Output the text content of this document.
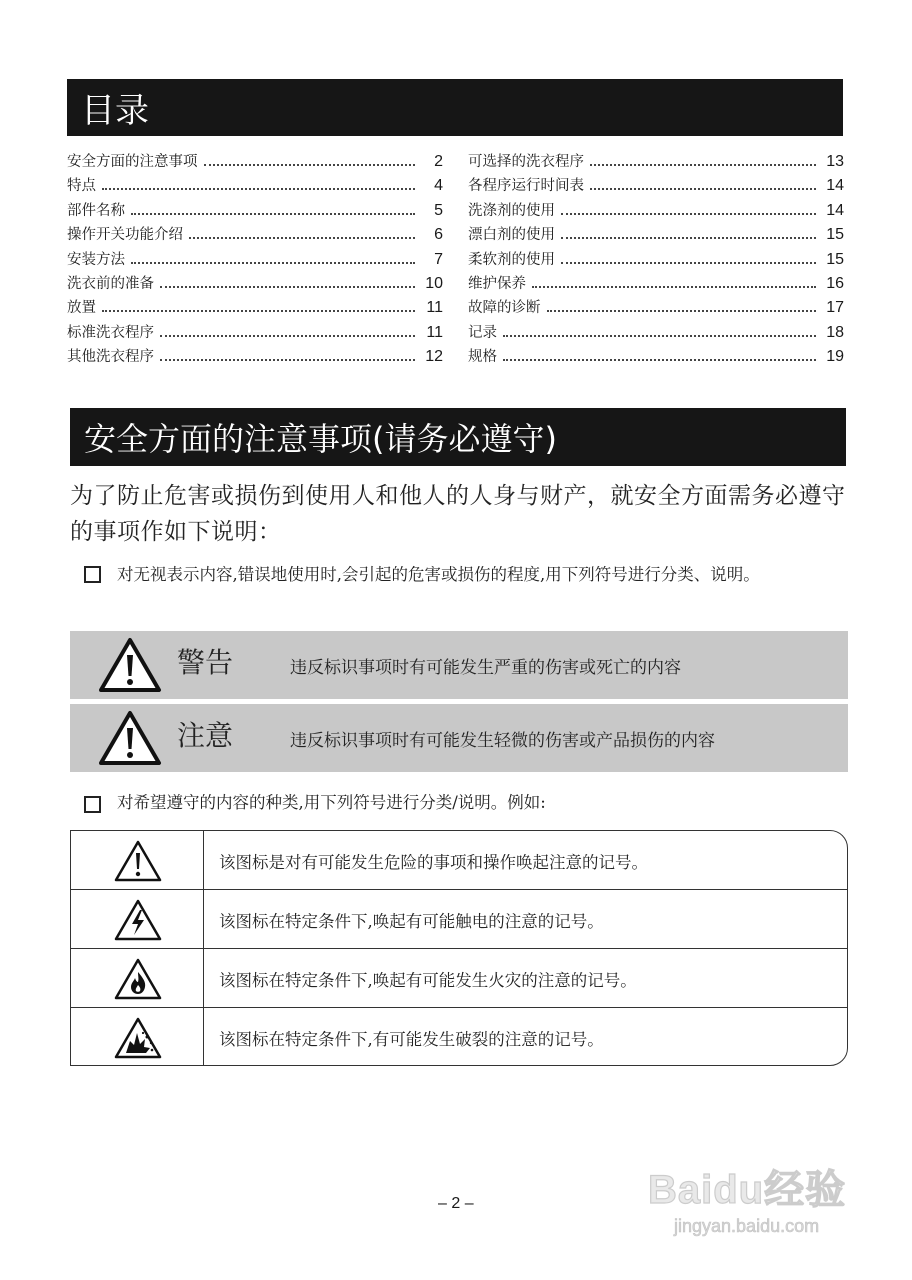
目录
安全方面的注意事项	2
特点	4
部件名称	5
操作开关功能介绍	6
安装方法	7
洗衣前的准备	10
放置	11
标准洗衣程序	11
其他洗衣程序	12
可选择的洗衣程序	13
各程序运行时间表	14
洗涤剂的使用	14
漂白剂的使用	15
柔软剂的使用	15
维护保养	16
故障的诊断	17
记录	18
规格	19
安全方面的注意事项(请务必遵守)
为了防止危害或损伤到使用人和他人的人身与财产，就安全方面需务必遵守的事项作如下说明：
对无视表示内容,错误地使用时,会引起的危害或损伤的程度,用下列符号进行分类、说明。
警告	违反标识事项时有可能发生严重的伤害或死亡的内容
注意	违反标识事项时有可能发生轻微的伤害或产品损伤的内容
对希望遵守的内容的种类,用下列符号进行分类/说明。例如:
该图标是对有可能发生危险的事项和操作唤起注意的记号。
该图标在特定条件下,唤起有可能触电的注意的记号。
该图标在特定条件下,唤起有可能发生火灾的注意的记号。
该图标在特定条件下,有可能发生破裂的注意的记号。
– 2 –	Baidu经验
jingyan.baidu.com
